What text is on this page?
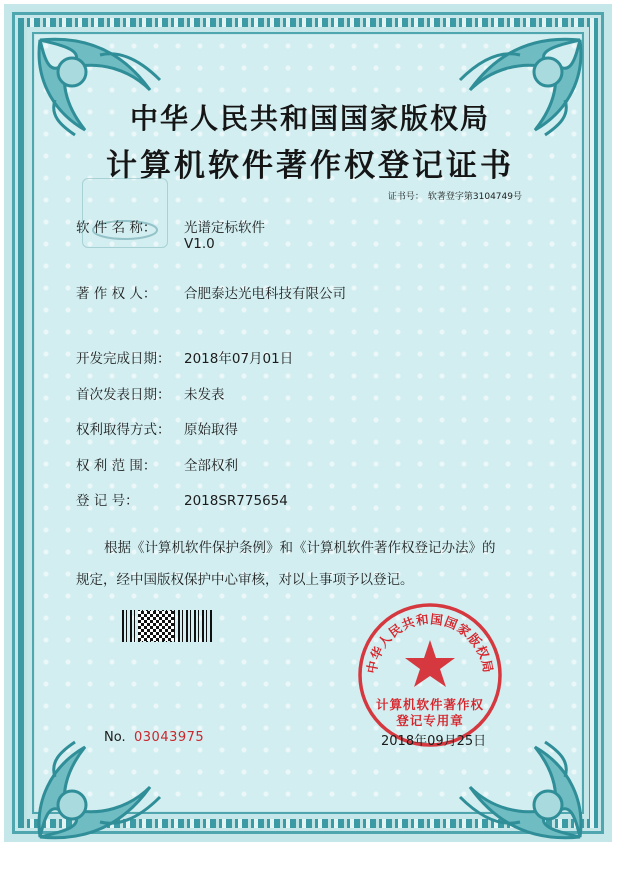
中华人民共和国国家版权局
计算机软件著作权登记证书
证书号： 软著登字第3104749号
软 件 名 称： 光谱定标软件
V1.0
著 作 权 人： 合肥泰达光电科技有限公司
开发完成日期： 2018年07月01日
首次发表日期： 未发表
权利取得方式： 原始取得
权 利 范 围： 全部权利
登 记 号：	2018SR775654

根据《计算机软件保护条例》和《计算机软件著作权登记办法》的

规定，经中国版权保护中心审核，对以上事项予以登记。

中华人民共和国国家版权局
计算机软件著作权
登记专用章
No. 03043975	2018年09月25日
